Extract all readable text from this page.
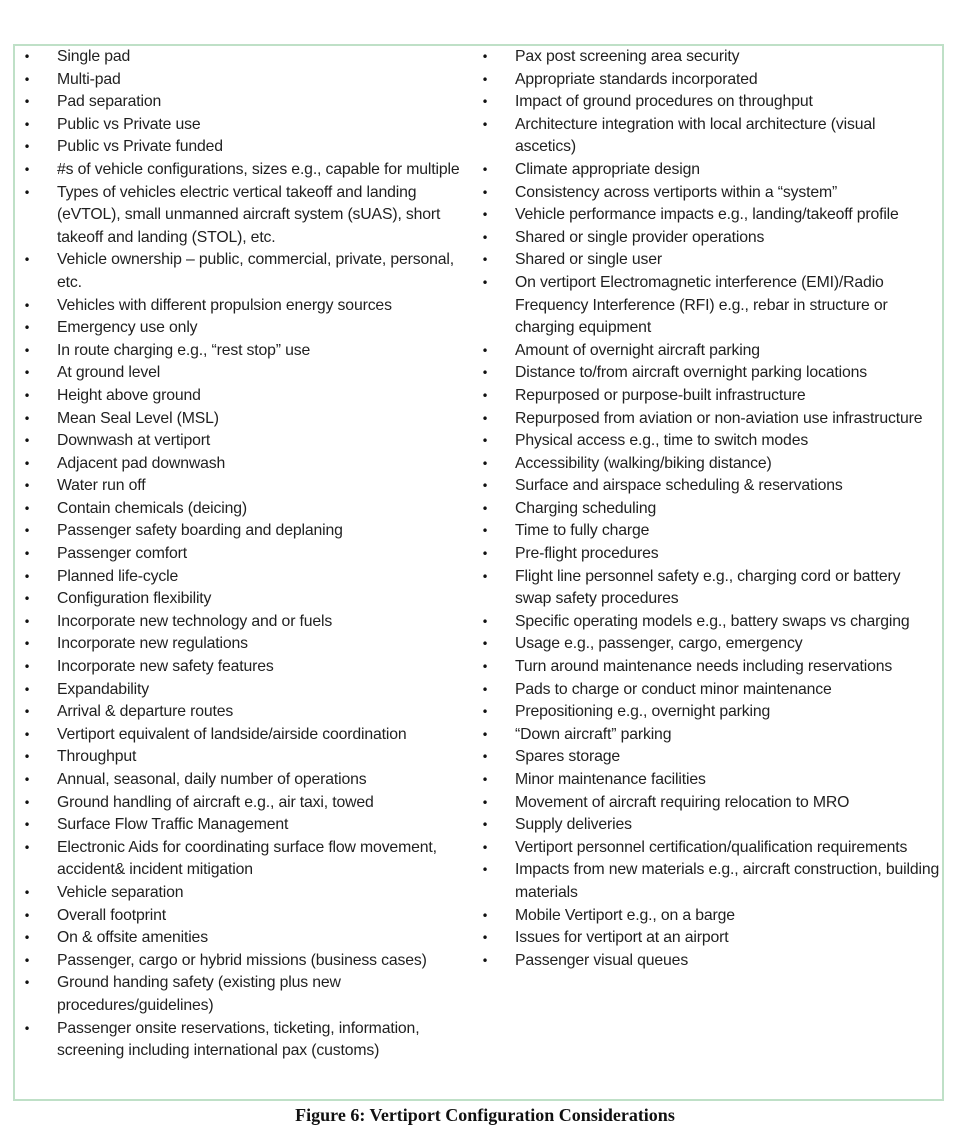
• Single pad
• Multi-pad
• Pad separation
• Public vs Private use
• Public vs Private funded
• #s of vehicle configurations, sizes e.g., capable for multiple
• Types of vehicles electric vertical takeoff and landing (eVTOL), small unmanned aircraft system (sUAS), short takeoff and landing (STOL), etc.
• Vehicle ownership – public, commercial, private, personal, etc.
• Vehicles with different propulsion energy sources
• Emergency use only
• In route charging e.g., “rest stop” use
• At ground level
• Height above ground
• Mean Seal Level (MSL)
• Downwash at vertiport
• Adjacent pad downwash
• Water run off
• Contain chemicals (deicing)
• Passenger safety boarding and deplaning
• Passenger comfort
• Planned life-cycle
• Configuration flexibility
• Incorporate new technology and or fuels
• Incorporate new regulations
• Incorporate new safety features
• Expandability
• Arrival & departure routes
• Vertiport equivalent of landside/airside coordination
• Throughput
• Annual, seasonal, daily number of operations
• Ground handling of aircraft e.g., air taxi, towed
• Surface Flow Traffic Management
• Electronic Aids for coordinating surface flow movement, accident& incident mitigation
• Vehicle separation
• Overall footprint
• On & offsite amenities
• Passenger, cargo or hybrid missions (business cases)
• Ground handing safety (existing plus new procedures/guidelines)
• Passenger onsite reservations, ticketing, information, screening including international pax (customs)
• Pax post screening area security
• Appropriate standards incorporated
• Impact of ground procedures on throughput
• Architecture integration with local architecture (visual ascetics)
• Climate appropriate design
• Consistency across vertiports within a “system”
• Vehicle performance impacts e.g., landing/takeoff profile
• Shared or single provider operations
• Shared or single user
• On vertiport Electromagnetic interference (EMI)/Radio Frequency Interference (RFI) e.g., rebar in structure or charging equipment
• Amount of overnight aircraft parking
• Distance to/from aircraft overnight parking locations
• Repurposed or purpose-built infrastructure
• Repurposed from aviation or non-aviation use infrastructure
• Physical access e.g., time to switch modes
• Accessibility (walking/biking distance)
• Surface and airspace scheduling & reservations
• Charging scheduling
• Time to fully charge
• Pre-flight procedures
• Flight line personnel safety e.g., charging cord or battery swap safety procedures
• Specific operating models e.g., battery swaps vs charging
• Usage e.g., passenger, cargo, emergency
• Turn around maintenance needs including reservations
• Pads to charge or conduct minor maintenance
• Prepositioning e.g., overnight parking
• “Down aircraft” parking
• Spares storage
• Minor maintenance facilities
• Movement of aircraft requiring relocation to MRO
• Supply deliveries
• Vertiport personnel certification/qualification requirements
• Impacts from new materials e.g., aircraft construction, building materials
• Mobile Vertiport e.g., on a barge
• Issues for vertiport at an airport
• Passenger visual queues
Figure 6: Vertiport Configuration Considerations
